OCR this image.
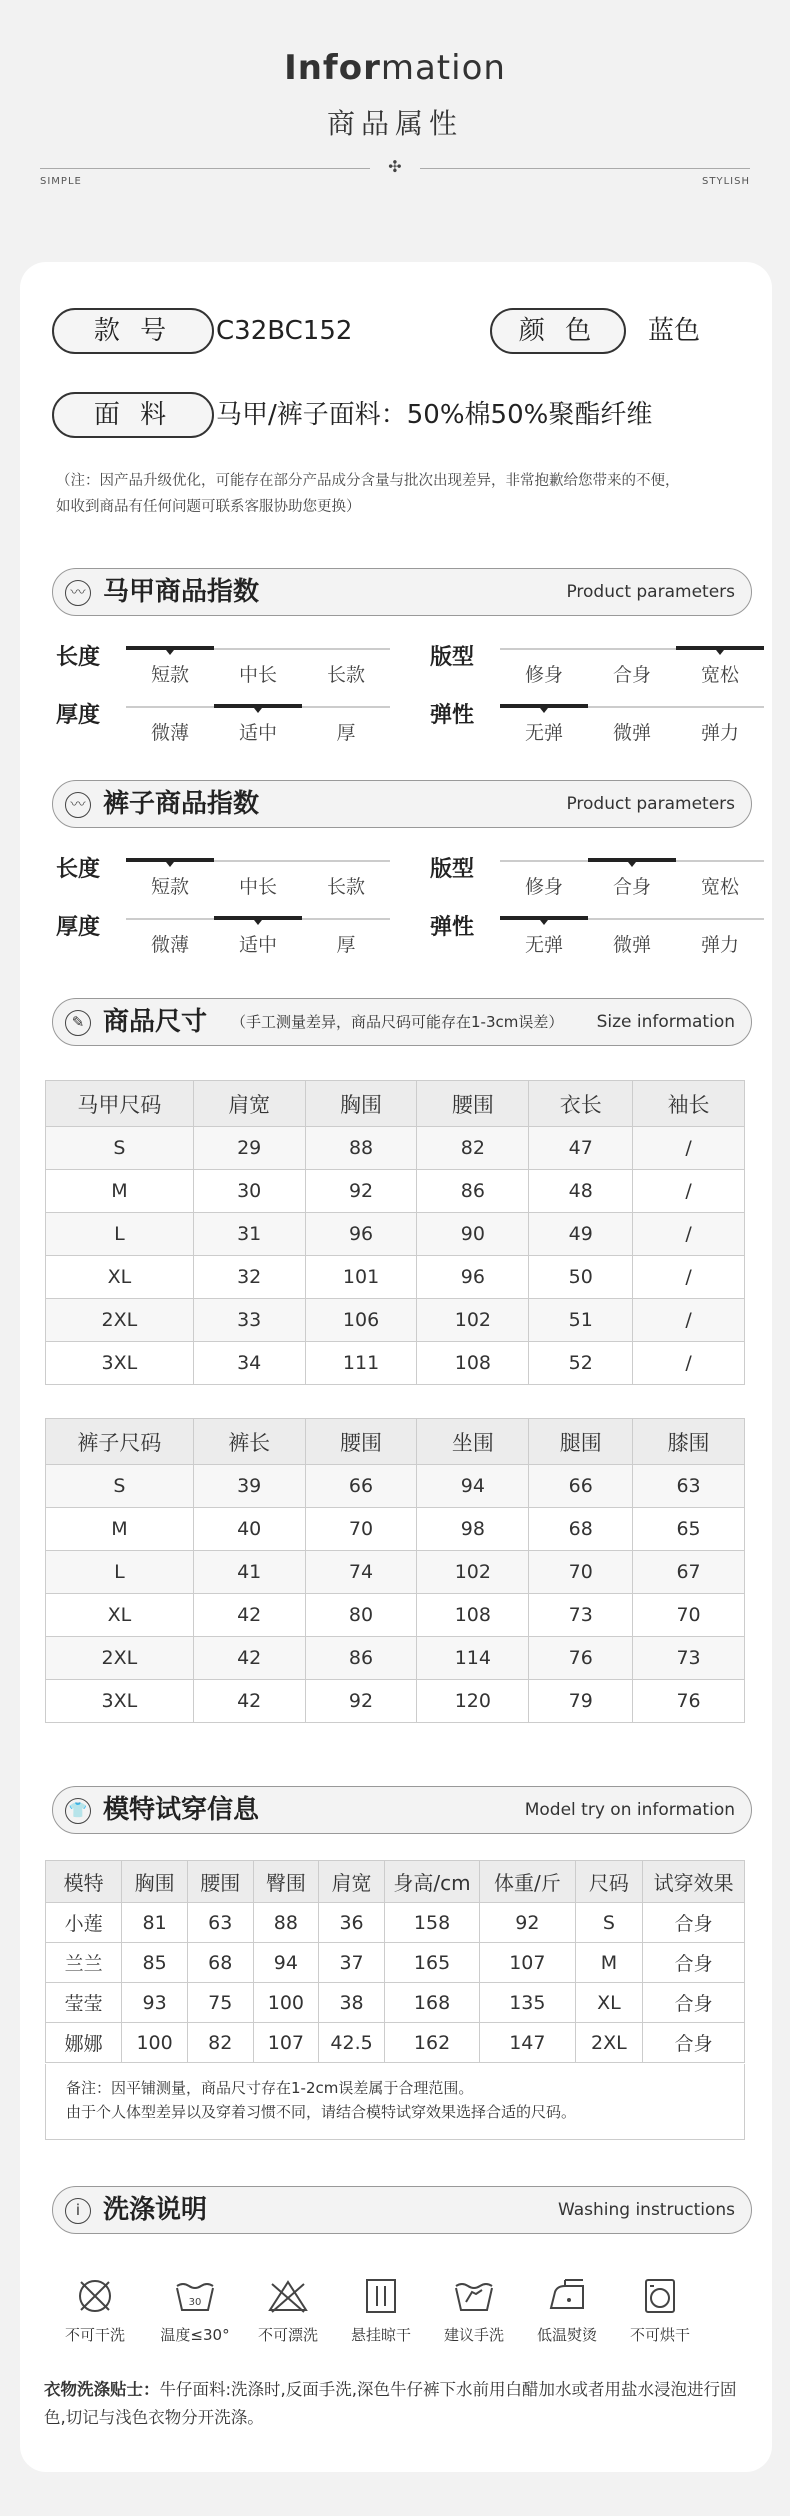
Information
商品属性
✣
SIMPLE	STYLISH
款 号	C32BC152	颜 色	蓝色
面 料	马甲/裤子面料：50%棉50%聚酯纤维
（注：因产品升级优化，可能存在部分产品成分含量与批次出现差异，非常抱歉给您带来的不便，
如收到商品有任何问题可联系客服协助您更换）
〰 马甲商品指数	Product parameters
长度
短款	中长	长款
版型
修身	合身	宽松
厚度
微薄	适中	厚
弹性
无弹	微弹	弹力
〰 裤子商品指数	Product parameters
长度
短款	中长	长款
版型
修身	合身	宽松
厚度
微薄	适中	厚
弹性
无弹	微弹	弹力
✎ 商品尺寸 （手工测量差异，商品尺码可能存在1-3cm误差） Size information
马甲尺码	肩宽	胸围	腰围	衣长	袖长
S	29	88	82	47	/
M	30	92	86	48	/
L	31	96	90	49	/
XL	32	101	96	50	/
2XL	33	106	102	51	/
3XL	34	111	108	52	/
裤子尺码	裤长	腰围	坐围	腿围	膝围
S	39	66	94	66	63
M	40	70	98	68	65
L	41	74	102	70	67
XL	42	80	108	73	70
2XL	42	86	114	76	73
3XL	42	92	120	79	76
👕 模特试穿信息	Model try on information
模特	胸围	腰围	臀围	肩宽	身高/cm	体重/斤	尺码	试穿效果
小莲	81	63	88	36	158	92	S	合身
兰兰	85	68	94	37	165	107	M	合身
莹莹	93	75	100	38	168	135	XL	合身
娜娜	100	82	107	42.5	162	147	2XL	合身
备注：因平铺测量，商品尺寸存在1-2cm误差属于合理范围。
由于个人体型差异以及穿着习惯不同，请结合模特试穿效果选择合适的尺码。
i 洗涤说明	Washing instructions
不可干洗
30
温度≤30°	不可漂洗	悬挂晾干	建议手洗	低温熨烫	不可烘干
衣物洗涤贴士：牛仔面料:洗涤时,反面手洗,深色牛仔裤下水前用白醋加水或者用盐水浸泡进行固色,切记与浅色衣物分开洗涤。
